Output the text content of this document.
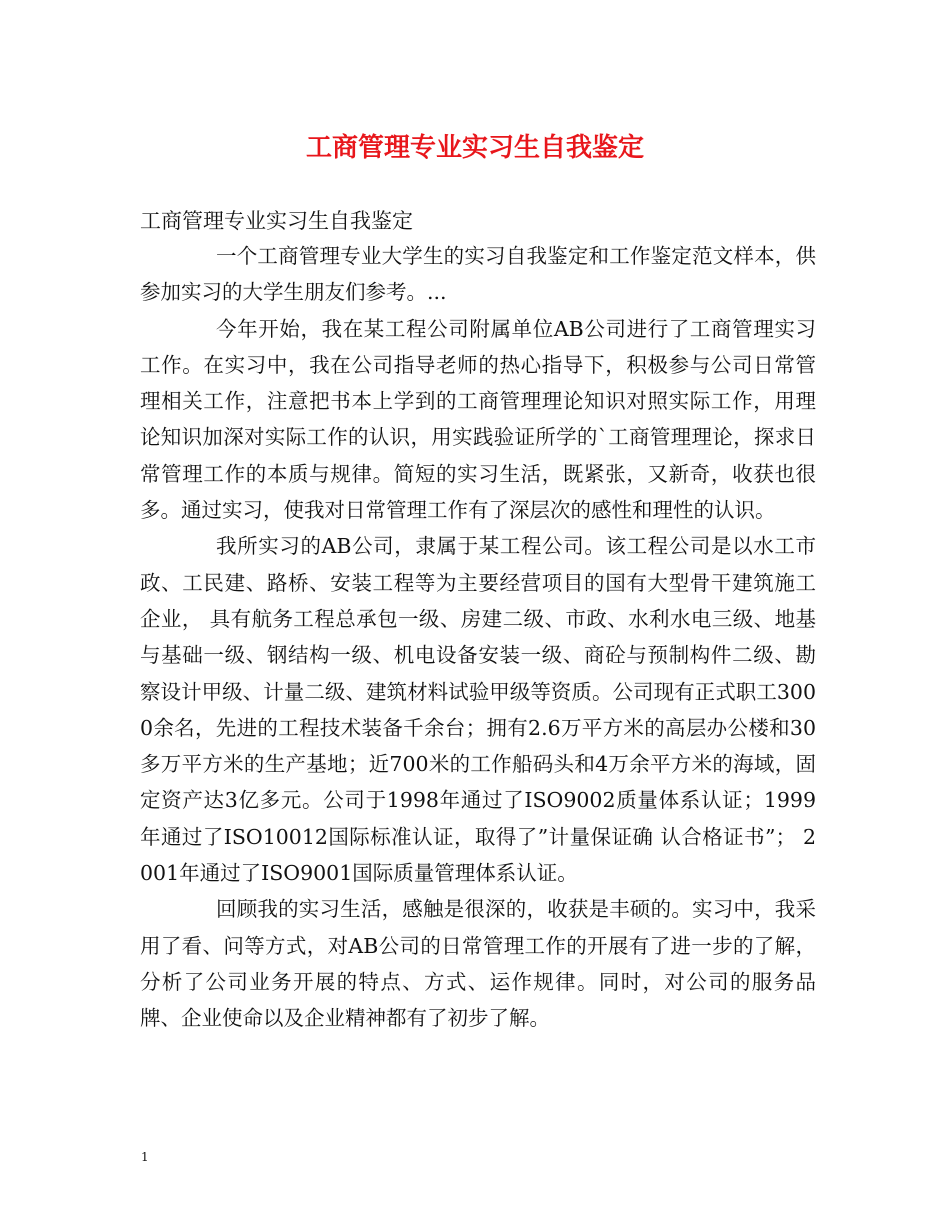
工商管理专业实习生自我鉴定

工商管理专业实习生自我鉴定

一个工商管理专业大学生的实习自我鉴定和工作鉴定范文样本，供参加实习的大学生朋友们参考。...

今年开始，我在某工程公司附属单位AB公司进行了工商管理实习工作。在实习中，我在公司指导老师的热心指导下，积极参与公司日常管理相关工作，注意把书本上学到的工商管理理论知识对照实际工作，用理论知识加深对实际工作的认识，用实践验证所学的`工商管理理论，探求日常管理工作的本质与规律。简短的实习生活，既紧张，又新奇，收获也很多。通过实习，使我对日常管理工作有了深层次的感性和理性的认识。

我所实习的AB公司，隶属于某工程公司。该工程公司是以水工市政、工民建、路桥、安装工程等为主要经营项目的国有大型骨干建筑施工企业， 具有航务工程总承包一级、房建二级、市政、水利水电三级、地基与基础一级、钢结构一级、机电设备安装一级、商砼与预制构件二级、勘察设计甲级、计量二级、建筑材料试验甲级等资质。公司现有正式职工3000余名，先进的工程技术装备千余台；拥有2.6万平方米的高层办公楼和30多万平方米的生产基地；近700米的工作船码头和4万余平方米的海域，固定资产达3亿多元。公司于1998年通过了ISO9002质量体系认证；1999年通过了ISO10012国际标准认证，取得了”计量保证确 认合格证书”； 2001年通过了ISO9001国际质量管理体系认证。

回顾我的实习生活，感触是很深的，收获是丰硕的。实习中，我采用了看、问等方式，对AB公司的日常管理工作的开展有了进一步的了解，分析了公司业务开展的特点、方式、运作规律。同时，对公司的服务品牌、企业使命以及企业精神都有了初步了解。

1
